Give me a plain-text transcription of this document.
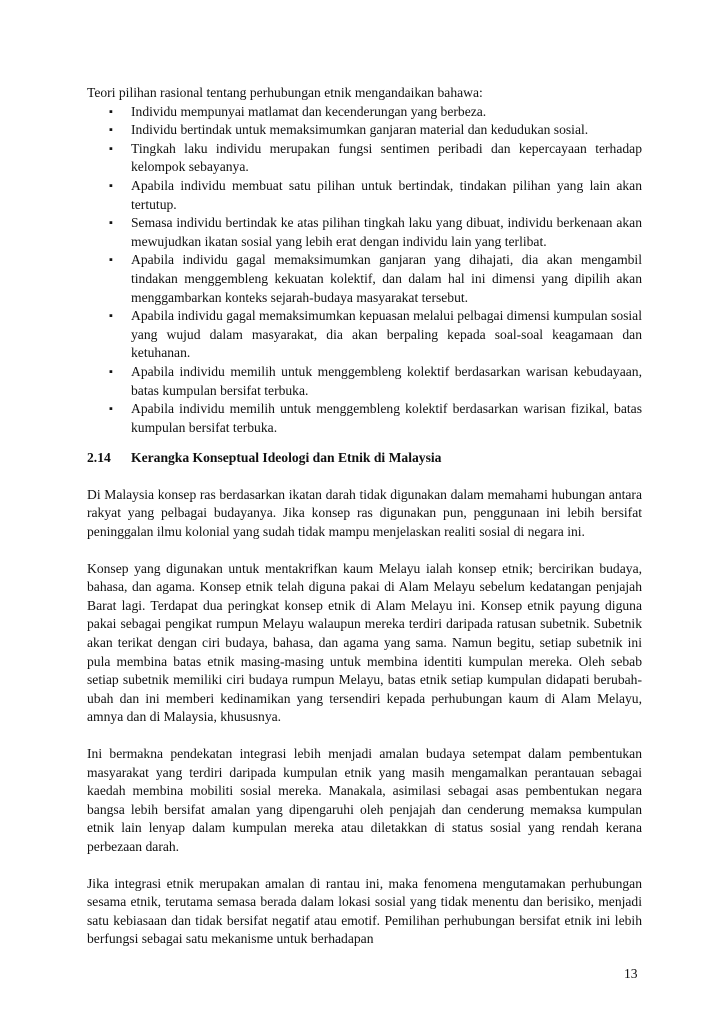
Teori pilihan rasional tentang perhubungan etnik mengandaikan bahawa:

▪ Individu mempunyai matlamat dan kecenderungan yang berbeza.
▪ Individu bertindak untuk memaksimumkan ganjaran material dan kedudukan sosial.
▪ Tingkah laku individu merupakan fungsi sentimen peribadi dan kepercayaan terhadap kelompok sebayanya.
▪ Apabila individu membuat satu pilihan untuk bertindak, tindakan pilihan yang lain akan tertutup.
▪ Semasa individu bertindak ke atas pilihan tingkah laku yang dibuat, individu berkenaan akan mewujudkan ikatan sosial yang lebih erat dengan individu lain yang terlibat.
▪ Apabila individu gagal memaksimumkan ganjaran yang dihajati, dia akan mengambil tindakan menggembleng kekuatan kolektif, dan dalam hal ini dimensi yang dipilih akan menggambarkan konteks sejarah-budaya masyarakat tersebut.
▪ Apabila individu gagal memaksimumkan kepuasan melalui pelbagai dimensi kumpulan sosial yang wujud dalam masyarakat, dia akan berpaling kepada soal-soal keagamaan dan ketuhanan.
▪ Apabila individu memilih untuk menggembleng kolektif berdasarkan warisan kebudayaan, batas kumpulan bersifat terbuka.
▪ Apabila individu memilih untuk menggembleng kolektif berdasarkan warisan fizikal, batas kumpulan bersifat terbuka.
2.14	Kerangka Konseptual Ideologi dan Etnik di Malaysia

Di Malaysia konsep ras berdasarkan ikatan darah tidak digunakan dalam memahami hubungan antara rakyat yang pelbagai budayanya. Jika konsep ras digunakan pun, penggunaan ini lebih bersifat peninggalan ilmu kolonial yang sudah tidak mampu menjelaskan realiti sosial di negara ini.

Konsep yang digunakan untuk mentakrifkan kaum Melayu ialah konsep etnik; bercirikan budaya, bahasa, dan agama. Konsep etnik telah diguna pakai di Alam Melayu sebelum kedatangan penjajah Barat lagi. Terdapat dua peringkat konsep etnik di Alam Melayu ini. Konsep etnik payung diguna pakai sebagai pengikat rumpun Melayu walaupun mereka terdiri daripada ratusan subetnik. Subetnik akan terikat dengan ciri budaya, bahasa, dan agama yang sama. Namun begitu, setiap subetnik ini pula membina batas etnik masing-masing untuk membina identiti kumpulan mereka. Oleh sebab setiap subetnik memiliki ciri budaya rumpun Melayu, batas etnik setiap kumpulan didapati berubah-ubah dan ini memberi kedinamikan yang tersendiri kepada perhubungan kaum di Alam Melayu, amnya dan di Malaysia, khususnya.

Ini bermakna pendekatan integrasi lebih menjadi amalan budaya setempat dalam pembentukan masyarakat yang terdiri daripada kumpulan etnik yang masih mengamalkan perantauan sebagai kaedah membina mobiliti sosial mereka. Manakala, asimilasi sebagai asas pembentukan negara bangsa lebih bersifat amalan yang dipengaruhi oleh penjajah dan cenderung memaksa kumpulan etnik lain lenyap dalam kumpulan mereka atau diletakkan di status sosial yang rendah kerana perbezaan darah.

Jika integrasi etnik merupakan amalan di rantau ini, maka fenomena mengutamakan perhubungan sesama etnik, terutama semasa berada dalam lokasi sosial yang tidak menentu dan berisiko, menjadi satu kebiasaan dan tidak bersifat negatif atau emotif. Pemilihan perhubungan bersifat etnik ini lebih berfungsi sebagai satu mekanisme untuk berhadapan

13
